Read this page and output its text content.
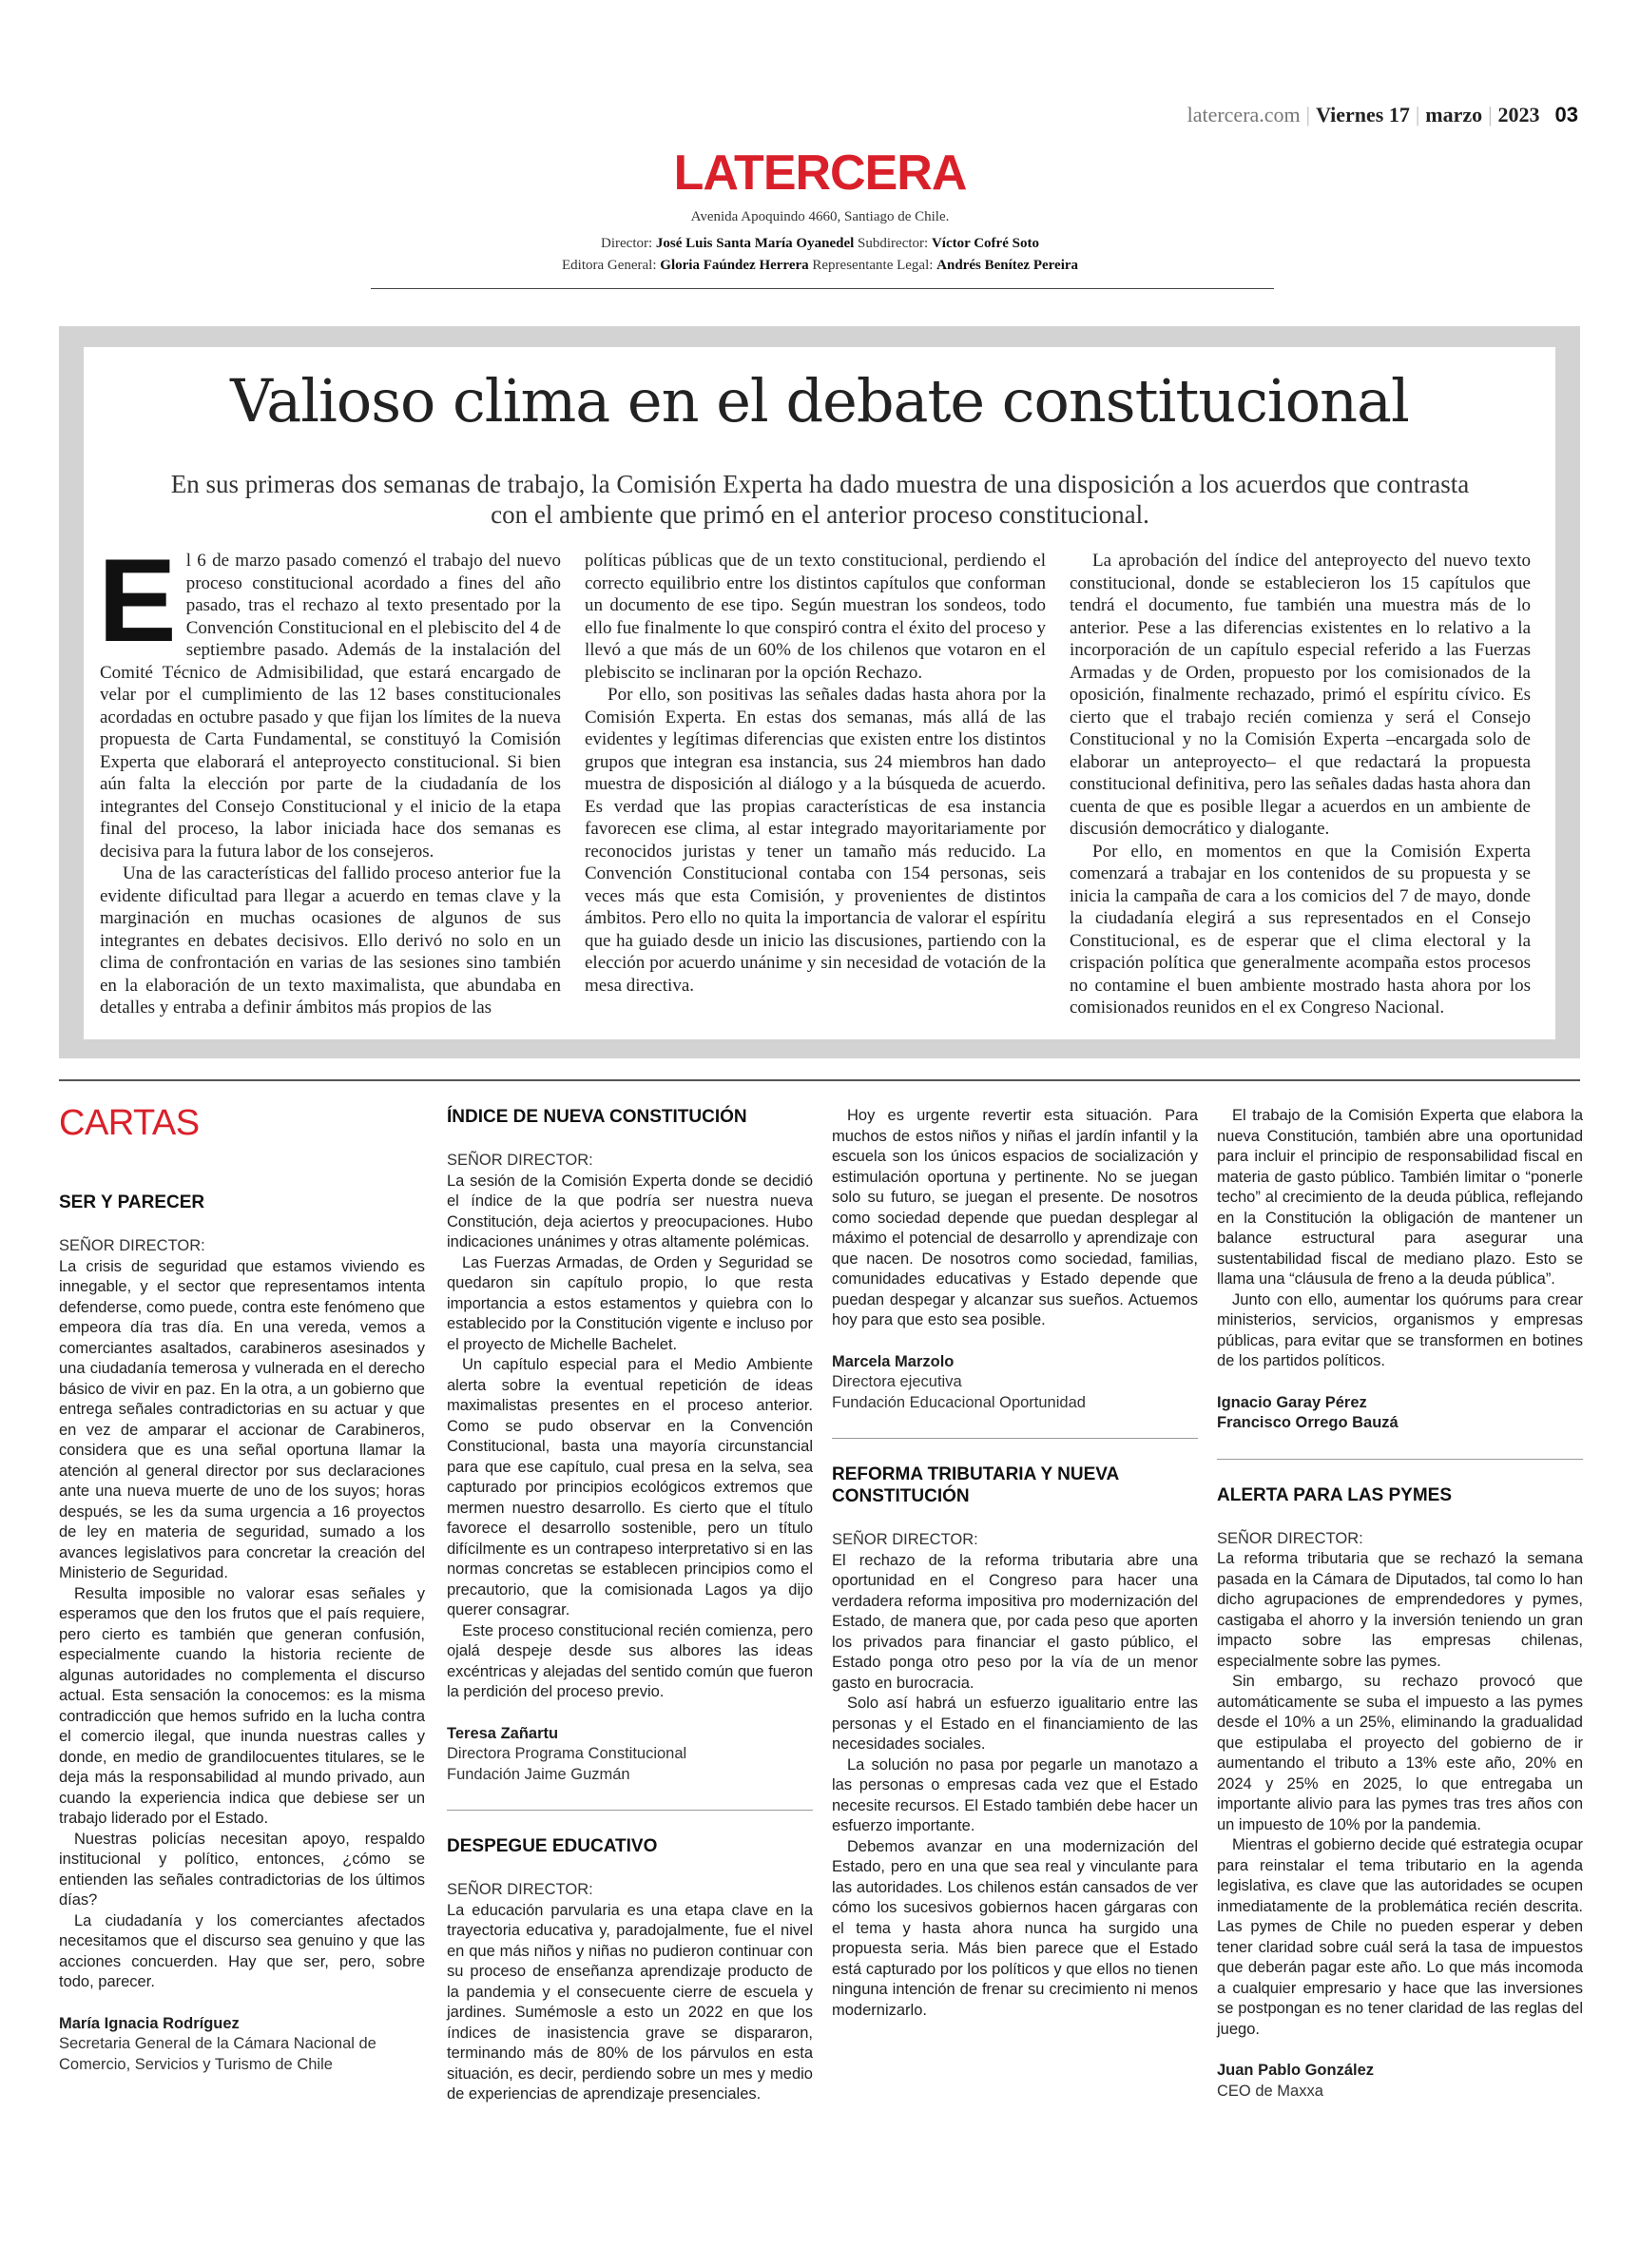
latercera.com | Viernes 17 | marzo | 2023 03
LATERCERA
Avenida Apoquindo 4660, Santiago de Chile.
Director: José Luis Santa María Oyanedel Subdirector: Víctor Cofré Soto
Editora General: Gloria Faúndez Herrera Representante Legal: Andrés Benítez Pereira
Valioso clima en el debate constitucional
En sus primeras dos semanas de trabajo, la Comisión Experta ha dado muestra de una disposición a los acuerdos que contrasta con el ambiente que primó en el anterior proceso constitucional.

El 6 de marzo pasado comenzó el trabajo del nuevo proceso constitucional acordado a fines del año pasado, tras el rechazo al texto presentado por la Convención Constitucional en el plebiscito del 4 de septiembre pasado. Además de la instalación del Comité Técnico de Admisibilidad, que estará encargado de velar por el cumplimiento de las 12 bases constitucionales acordadas en octubre pasado y que fijan los límites de la nueva propuesta de Carta Fundamental, se constituyó la Comisión Experta que elaborará el anteproyecto constitucional. Si bien aún falta la elección por parte de la ciudadanía de los integrantes del Consejo Constitucional y el inicio de la etapa final del proceso, la labor iniciada hace dos semanas es decisiva para la futura labor de los consejeros.

Una de las características del fallido proceso anterior fue la evidente dificultad para llegar a acuerdo en temas clave y la marginación en muchas ocasiones de algunos de sus integrantes en debates decisivos. Ello derivó no solo en un clima de confrontación en varias de las sesiones sino también en la elaboración de un texto maximalista, que abundaba en detalles y entraba a definir ámbitos más propios de las

políticas públicas que de un texto constitucional, perdiendo el correcto equilibrio entre los distintos capítulos que conforman un documento de ese tipo. Según muestran los sondeos, todo ello fue finalmente lo que conspiró contra el éxito del proceso y llevó a que más de un 60% de los chilenos que votaron en el plebiscito se inclinaran por la opción Rechazo.

Por ello, son positivas las señales dadas hasta ahora por la Comisión Experta. En estas dos semanas, más allá de las evidentes y legítimas diferencias que existen entre los distintos grupos que integran esa instancia, sus 24 miembros han dado muestra de disposición al diálogo y a la búsqueda de acuerdo. Es verdad que las propias características de esa instancia favorecen ese clima, al estar integrado mayoritariamente por reconocidos juristas y tener un tamaño más reducido. La Convención Constitucional contaba con 154 personas, seis veces más que esta Comisión, y provenientes de distintos ámbitos. Pero ello no quita la importancia de valorar el espíritu que ha guiado desde un inicio las discusiones, partiendo con la elección por acuerdo unánime y sin necesidad de votación de la mesa directiva.

La aprobación del índice del anteproyecto del nuevo texto constitucional, donde se establecieron los 15 capítulos que tendrá el documento, fue también una muestra más de lo anterior. Pese a las diferencias existentes en lo relativo a la incorporación de un capítulo especial referido a las Fuerzas Armadas y de Orden, propuesto por los comisionados de la oposición, finalmente rechazado, primó el espíritu cívico. Es cierto que el trabajo recién comienza y será el Consejo Constitucional y no la Comisión Experta –encargada solo de elaborar un anteproyecto– el que redactará la propuesta constitucional definitiva, pero las señales dadas hasta ahora dan cuenta de que es posible llegar a acuerdos en un ambiente de discusión democrático y dialogante.

Por ello, en momentos en que la Comisión Experta comenzará a trabajar en los contenidos de su propuesta y se inicia la campaña de cara a los comicios del 7 de mayo, donde la ciudadanía elegirá a sus representados en el Consejo Constitucional, es de esperar que el clima electoral y la crispación política que generalmente acompaña estos procesos no contamine el buen ambiente mostrado hasta ahora por los comisionados reunidos en el ex Congreso Nacional.

CARTAS

SER Y PARECER

SEÑOR DIRECTOR:

La crisis de seguridad que estamos viviendo es innegable, y el sector que representamos intenta defenderse, como puede, contra este fenómeno que empeora día tras día. En una vereda, vemos a comerciantes asaltados, carabineros asesinados y una ciudadanía temerosa y vulnerada en el derecho básico de vivir en paz. En la otra, a un gobierno que entrega señales contradictorias en su actuar y que en vez de amparar el accionar de Carabineros, considera que es una señal oportuna llamar la atención al general director por sus declaraciones ante una nueva muerte de uno de los suyos; horas después, se les da suma urgencia a 16 proyectos de ley en materia de seguridad, sumado a los avances legislativos para concretar la creación del Ministerio de Seguridad.

Resulta imposible no valorar esas señales y esperamos que den los frutos que el país requiere, pero cierto es también que generan confusión, especialmente cuando la historia reciente de algunas autoridades no complementa el discurso actual. Esta sensación la conocemos: es la misma contradicción que hemos sufrido en la lucha contra el comercio ilegal, que inunda nuestras calles y donde, en medio de grandilocuentes titulares, se le deja más la responsabilidad al mundo privado, aun cuando la experiencia indica que debiese ser un trabajo liderado por el Estado.

Nuestras policías necesitan apoyo, respaldo institucional y político, entonces, ¿cómo se entienden las señales contradictorias de los últimos días?

La ciudadanía y los comerciantes afectados necesitamos que el discurso sea genuino y que las acciones concuerden. Hay que ser, pero, sobre todo, parecer.

María Ignacia Rodríguez

Secretaria General de la Cámara Nacional de Comercio, Servicios y Turismo de Chile

ÍNDICE DE NUEVA CONSTITUCIÓN

SEÑOR DIRECTOR:

La sesión de la Comisión Experta donde se decidió el índice de la que podría ser nuestra nueva Constitución, deja aciertos y preocupaciones. Hubo indicaciones unánimes y otras altamente polémicas.

Las Fuerzas Armadas, de Orden y Seguridad se quedaron sin capítulo propio, lo que resta importancia a estos estamentos y quiebra con lo establecido por la Constitución vigente e incluso por el proyecto de Michelle Bachelet.

Un capítulo especial para el Medio Ambiente alerta sobre la eventual repetición de ideas maximalistas presentes en el proceso anterior. Como se pudo observar en la Convención Constitucional, basta una mayoría circunstancial para que ese capítulo, cual presa en la selva, sea capturado por principios ecológicos extremos que mermen nuestro desarrollo. Es cierto que el título favorece el desarrollo sostenible, pero un título difícilmente es un contrapeso interpretativo si en las normas concretas se establecen principios como el precautorio, que la comisionada Lagos ya dijo querer consagrar.

Este proceso constitucional recién comienza, pero ojalá despeje desde sus albores las ideas excéntricas y alejadas del sentido común que fueron la perdición del proceso previo.

Teresa Zañartu

Directora Programa Constitucional

Fundación Jaime Guzmán

DESPEGUE EDUCATIVO

SEÑOR DIRECTOR:

La educación parvularia es una etapa clave en la trayectoria educativa y, paradojalmente, fue el nivel en que más niños y niñas no pudieron continuar con su proceso de enseñanza aprendizaje producto de la pandemia y el consecuente cierre de escuela y jardines. Sumémosle a esto un 2022 en que los índices de inasistencia grave se dispararon, terminando más de 80% de los párvulos en esta situación, es decir, perdiendo sobre un mes y medio de experiencias de aprendizaje presenciales.

Hoy es urgente revertir esta situación. Para muchos de estos niños y niñas el jardín infantil y la escuela son los únicos espacios de socialización y estimulación oportuna y pertinente. No se juegan solo su futuro, se juegan el presente. De nosotros como sociedad depende que puedan desplegar al máximo el potencial de desarrollo y aprendizaje con que nacen. De nosotros como sociedad, familias, comunidades educativas y Estado depende que puedan despegar y alcanzar sus sueños. Actuemos hoy para que esto sea posible.

Marcela Marzolo

Directora ejecutiva

Fundación Educacional Oportunidad

REFORMA TRIBUTARIA Y NUEVA CONSTITUCIÓN

SEÑOR DIRECTOR:

El rechazo de la reforma tributaria abre una oportunidad en el Congreso para hacer una verdadera reforma impositiva pro modernización del Estado, de manera que, por cada peso que aporten los privados para financiar el gasto público, el Estado ponga otro peso por la vía de un menor gasto en burocracia.

Solo así habrá un esfuerzo igualitario entre las personas y el Estado en el financiamiento de las necesidades sociales.

La solución no pasa por pegarle un manotazo a las personas o empresas cada vez que el Estado necesite recursos. El Estado también debe hacer un esfuerzo importante.

Debemos avanzar en una modernización del Estado, pero en una que sea real y vinculante para las autoridades. Los chilenos están cansados de ver cómo los sucesivos gobiernos hacen gárgaras con el tema y hasta ahora nunca ha surgido una propuesta seria. Más bien parece que el Estado está capturado por los políticos y que ellos no tienen ninguna intención de frenar su crecimiento ni menos modernizarlo.

El trabajo de la Comisión Experta que elabora la nueva Constitución, también abre una oportunidad para incluir el principio de responsabilidad fiscal en materia de gasto público. También limitar o “ponerle techo” al crecimiento de la deuda pública, reflejando en la Constitución la obligación de mantener un balance estructural para asegurar una sustentabilidad fiscal de mediano plazo. Esto se llama una “cláusula de freno a la deuda pública”.

Junto con ello, aumentar los quórums para crear ministerios, servicios, organismos y empresas públicas, para evitar que se transformen en botines de los partidos políticos.

Ignacio Garay Pérez

Francisco Orrego Bauzá

ALERTA PARA LAS PYMES

SEÑOR DIRECTOR:

La reforma tributaria que se rechazó la semana pasada en la Cámara de Diputados, tal como lo han dicho agrupaciones de emprendedores y pymes, castigaba el ahorro y la inversión teniendo un gran impacto sobre las empresas chilenas, especialmente sobre las pymes.

Sin embargo, su rechazo provocó que automáticamente se suba el impuesto a las pymes desde el 10% a un 25%, eliminando la gradualidad que estipulaba el proyecto del gobierno de ir aumentando el tributo a 13% este año, 20% en 2024 y 25% en 2025, lo que entregaba un importante alivio para las pymes tras tres años con un impuesto de 10% por la pandemia.

Mientras el gobierno decide qué estrategia ocupar para reinstalar el tema tributario en la agenda legislativa, es clave que las autoridades se ocupen inmediatamente de la problemática recién descrita. Las pymes de Chile no pueden esperar y deben tener claridad sobre cuál será la tasa de impuestos que deberán pagar este año. Lo que más incomoda a cualquier empresario y hace que las inversiones se postpongan es no tener claridad de las reglas del juego.

Juan Pablo González

CEO de Maxxa
